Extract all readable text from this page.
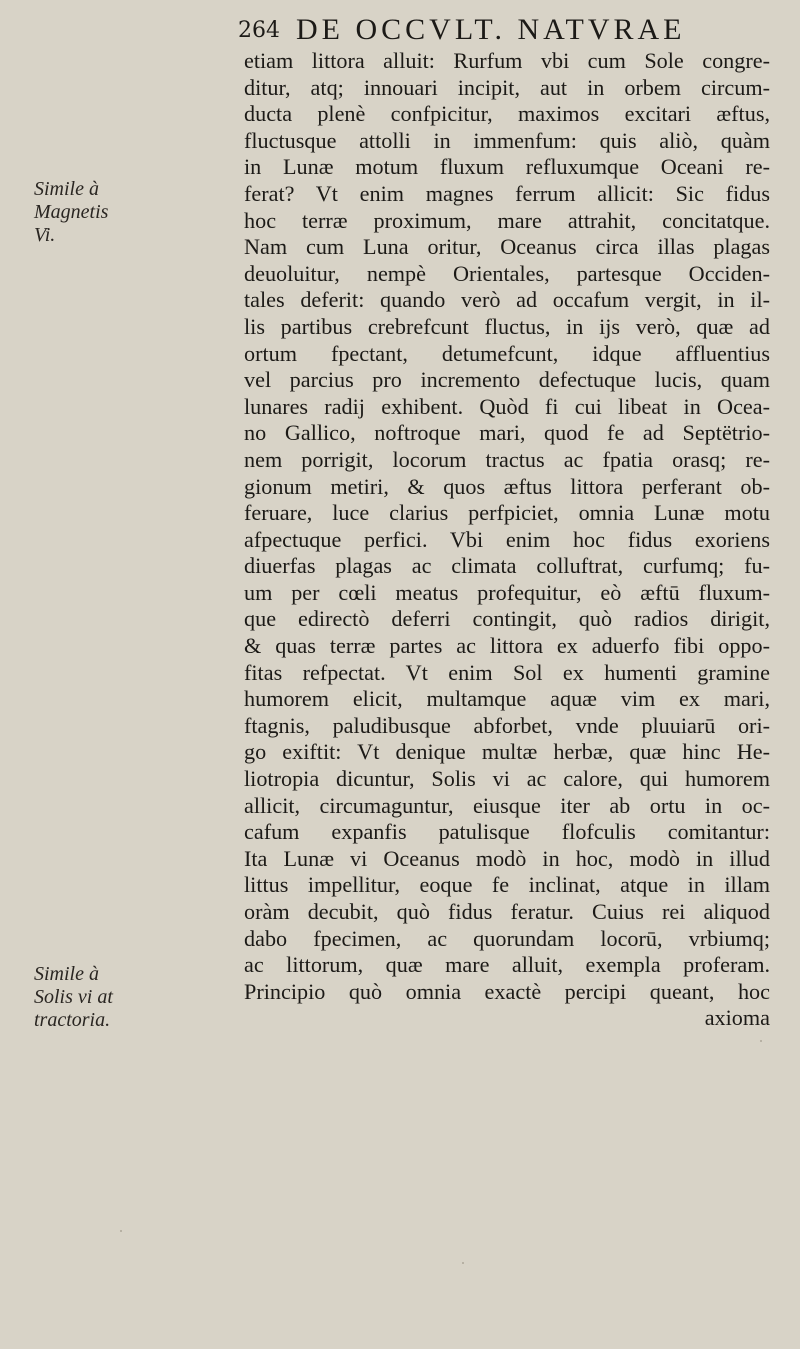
264 DE OCCVLT. NATVRAE
Simile à
Magnetis
Vi.
Simile à
Solis vi at
tractoria.
etiam littora alluit: Rurfum vbi cum Sole congre-
ditur, atq; innouari incipit, aut in orbem circum-
ducta plenè confpicitur, maximos excitari æftus,
fluctusque attolli in immenfum: quis aliò, quàm
in Lunæ motum fluxum refluxumque Oceani re-
ferat? Vt enim magnes ferrum allicit: Sic fidus
hoc terræ proximum, mare attrahit, concitatque.
Nam cum Luna oritur, Oceanus circa illas plagas
deuoluitur, nempè Orientales, partesque Occiden-
tales deferit: quando verò ad occafum vergit, in il-
lis partibus crebrefcunt fluctus, in ijs verò, quæ ad
ortum fpectant, detumefcunt, idque affluentius
vel parcius pro incremento defectuque lucis, quam
lunares radij exhibent. Quòd fi cui libeat in Ocea-
no Gallico, noftroque mari, quod fe ad Septëtrio-
nem porrigit, locorum tractus ac fpatia orasq; re-
gionum metiri, & quos æftus littora perferant ob-
feruare, luce clarius perfpiciet, omnia Lunæ motu
afpectuque perfici. Vbi enim hoc fidus exoriens
diuerfas plagas ac climata colluftrat, curfumq; fu-
um per cœli meatus profequitur, eò æftū fluxum-
que edirectò deferri contingit, quò radios dirigit,
& quas terræ partes ac littora ex aduerfo fibi oppo-
fitas refpectat. Vt enim Sol ex humenti gramine
humorem elicit, multamque aquæ vim ex mari,
ftagnis, paludibusque abforbet, vnde pluuiarū ori-
go exiftit: Vt denique multæ herbæ, quæ hinc He-
liotropia dicuntur, Solis vi ac calore, qui humorem
allicit, circumaguntur, eiusque iter ab ortu in oc-
cafum expanfis patulisque flofculis comitantur:
Ita Lunæ vi Oceanus modò in hoc, modò in illud
littus impellitur, eoque fe inclinat, atque in illam
oràm decubit, quò fidus feratur. Cuius rei aliquod
dabo fpecimen, ac quorundam locorū, vrbiumq;
ac littorum, quæ mare alluit, exempla proferam.
Principio quò omnia exactè percipi queant, hoc
axioma
